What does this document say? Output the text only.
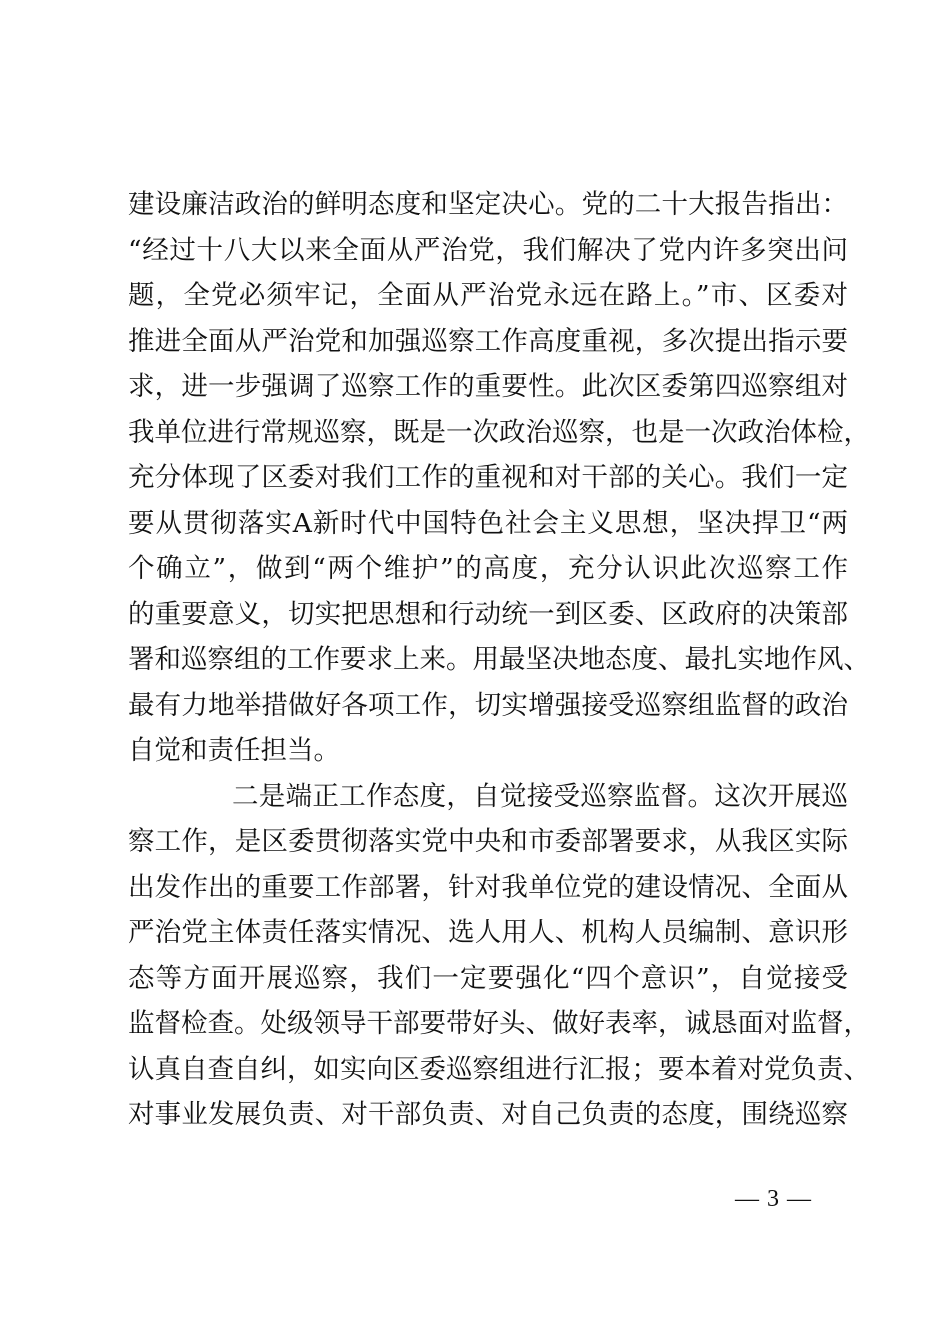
建设廉洁政治的鲜明态度和坚定决心。党的二十大报告指出：
“经过十八大以来全面从严治党，我们解决了党内许多突出问
题，全党必须牢记，全面从严治党永远在路上。”市、区委对
推进全面从严治党和加强巡察工作高度重视，多次提出指示要
求，进一步强调了巡察工作的重要性。此次区委第四巡察组对
我单位进行常规巡察，既是一次政治巡察，也是一次政治体检，
充分体现了区委对我们工作的重视和对干部的关心。我们一定
要从贯彻落实A新时代中国特色社会主义思想，坚决捍卫“两
个确立”，做到“两个维护”的高度，充分认识此次巡察工作
的重要意义，切实把思想和行动统一到区委、区政府的决策部
署和巡察组的工作要求上来。用最坚决地态度、最扎实地作风、
最有力地举措做好各项工作，切实增强接受巡察组监督的政治
自觉和责任担当。
二是端正工作态度，自觉接受巡察监督。这次开展巡
察工作，是区委贯彻落实党中央和市委部署要求，从我区实际
出发作出的重要工作部署，针对我单位党的建设情况、全面从
严治党主体责任落实情况、选人用人、机构人员编制、意识形
态等方面开展巡察，我们一定要强化“四个意识”，自觉接受
监督检查。处级领导干部要带好头、做好表率，诚恳面对监督，
认真自查自纠，如实向区委巡察组进行汇报；要本着对党负责、
对事业发展负责、对干部负责、对自己负责的态度，围绕巡察
— 3 —
